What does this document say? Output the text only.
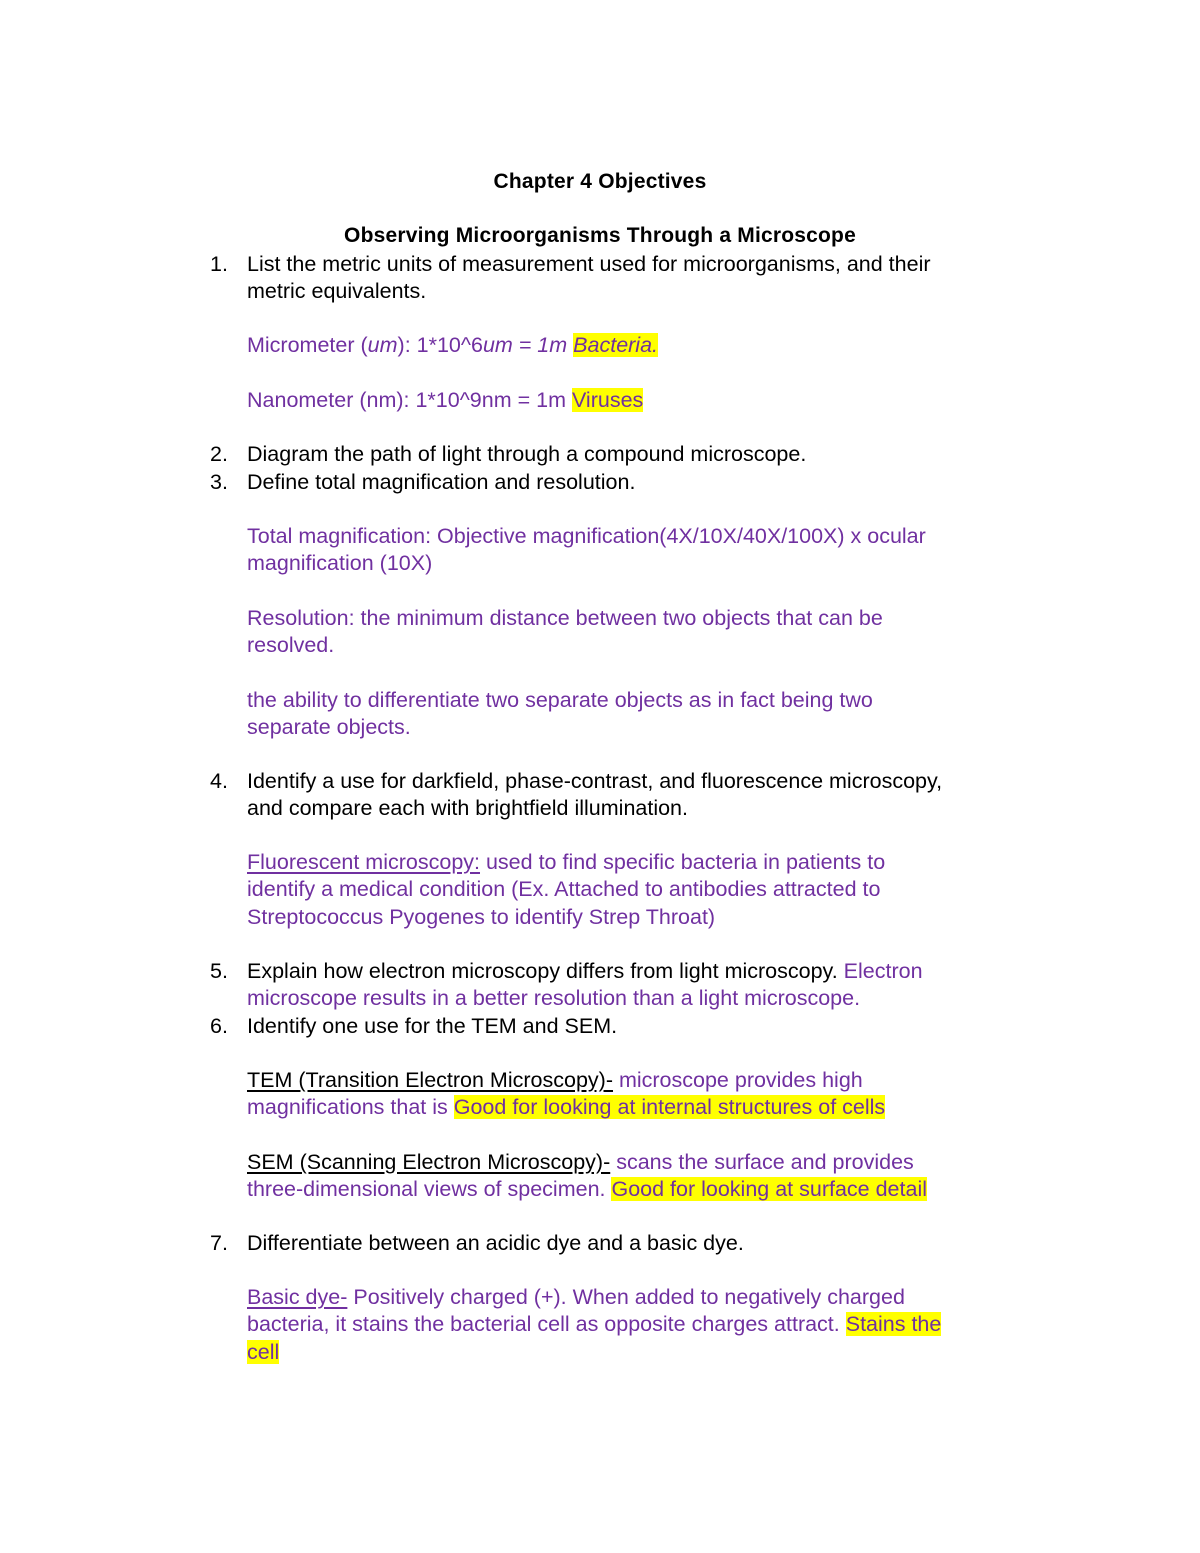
Chapter 4 Objectives
Observing Microorganisms Through a Microscope
1. List the metric units of measurement used for microorganisms, and their
metric equivalents.
Micrometer (um): 1*10^6um = 1m Bacteria.
Nanometer (nm): 1*10^9nm = 1m Viruses
2. Diagram the path of light through a compound microscope.
3. Define total magnification and resolution.
Total magnification: Objective magnification(4X/10X/40X/100X) x ocular
magnification (10X)
Resolution: the minimum distance between two objects that can be
resolved.
the ability to differentiate two separate objects as in fact being two
separate objects.
4. Identify a use for darkfield, phase-contrast, and fluorescence microscopy,
and compare each with brightfield illumination.
Fluorescent microscopy: used to find specific bacteria in patients to
identify a medical condition (Ex. Attached to antibodies attracted to
Streptococcus Pyogenes to identify Strep Throat)
5. Explain how electron microscopy differs from light microscopy. Electron
microscope results in a better resolution than a light microscope.
6. Identify one use for the TEM and SEM.
TEM (Transition Electron Microscopy)- microscope provides high
magnifications that is Good for looking at internal structures of cells
SEM (Scanning Electron Microscopy)- scans the surface and provides
three-dimensional views of specimen. Good for looking at surface detail
7. Differentiate between an acidic dye and a basic dye.
Basic dye- Positively charged (+). When added to negatively charged
bacteria, it stains the bacterial cell as opposite charges attract. Stains the
cell
